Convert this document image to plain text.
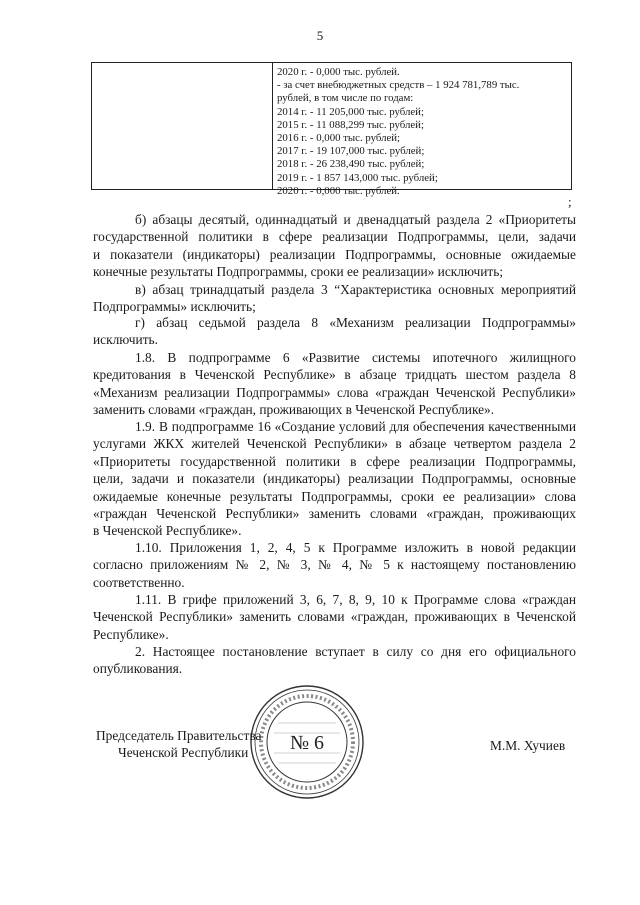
5
2020 г. - 0,000 тыс. рублей.
- за счет внебюджетных средств – 1 924 781,789 тыс.
рублей, в том числе по годам:
2014 г. - 11 205,000 тыс. рублей;
2015 г. - 11 088,299 тыс. рублей;
2016 г. - 0,000 тыс. рублей;
2017 г. - 19 107,000 тыс. рублей;
2018 г. - 26 238,490 тыс. рублей;
2019 г. - 1 857 143,000 тыс. рублей;
2020 г. - 0,000 тыс. рублей.
;
б) абзацы десятый, одиннадцатый и двенадцатый раздела 2 «Приоритеты
государственной политики в сфере реализации Подпрограммы, цели, задачи
и показатели (индикаторы) реализации Подпрограммы, основные ожидаемые
конечные результаты Подпрограммы, сроки ее реализации» исключить;
в) абзац тринадцатый раздела 3 “Характеристика основных мероприятий
Подпрограммы» исключить;
г) абзац седьмой раздела 8 «Механизм реализации Подпрограммы»
исключить.
1.8. В подпрограмме 6 «Развитие системы ипотечного жилищного
кредитования в Чеченской Республике» в абзаце тридцать шестом раздела 8
«Механизм реализации Подпрограммы» слова «граждан Чеченской Республики»
заменить словами «граждан, проживающих в Чеченской Республике».
1.9. В подпрограмме 16 «Создание условий для обеспечения качественными
услугами ЖКХ жителей Чеченской Республики» в абзаце четвертом раздела 2
«Приоритеты государственной политики в сфере реализации Подпрограммы,
цели, задачи и показатели (индикаторы) реализации Подпрограммы, основные
ожидаемые конечные результаты Подпрограммы, сроки ее реализации» слова
«граждан Чеченской Республики» заменить словами «граждан, проживающих
в Чеченской Республике».
1.10. Приложения 1, 2, 4, 5 к Программе изложить в новой редакции
согласно приложениям № 2, № 3, № 4, № 5 к настоящему постановлению
соответственно.
1.11. В грифе приложений 3, 6, 7, 8, 9, 10 к Программе слова «граждан
Чеченской Республики» заменить словами «граждан, проживающих в Чеченской
Республике».
2. Настоящее постановление вступает в силу со дня его официального
опубликования.
№ 6
Председатель Правительства
Чеченской Республики	М.М. Хучиев
